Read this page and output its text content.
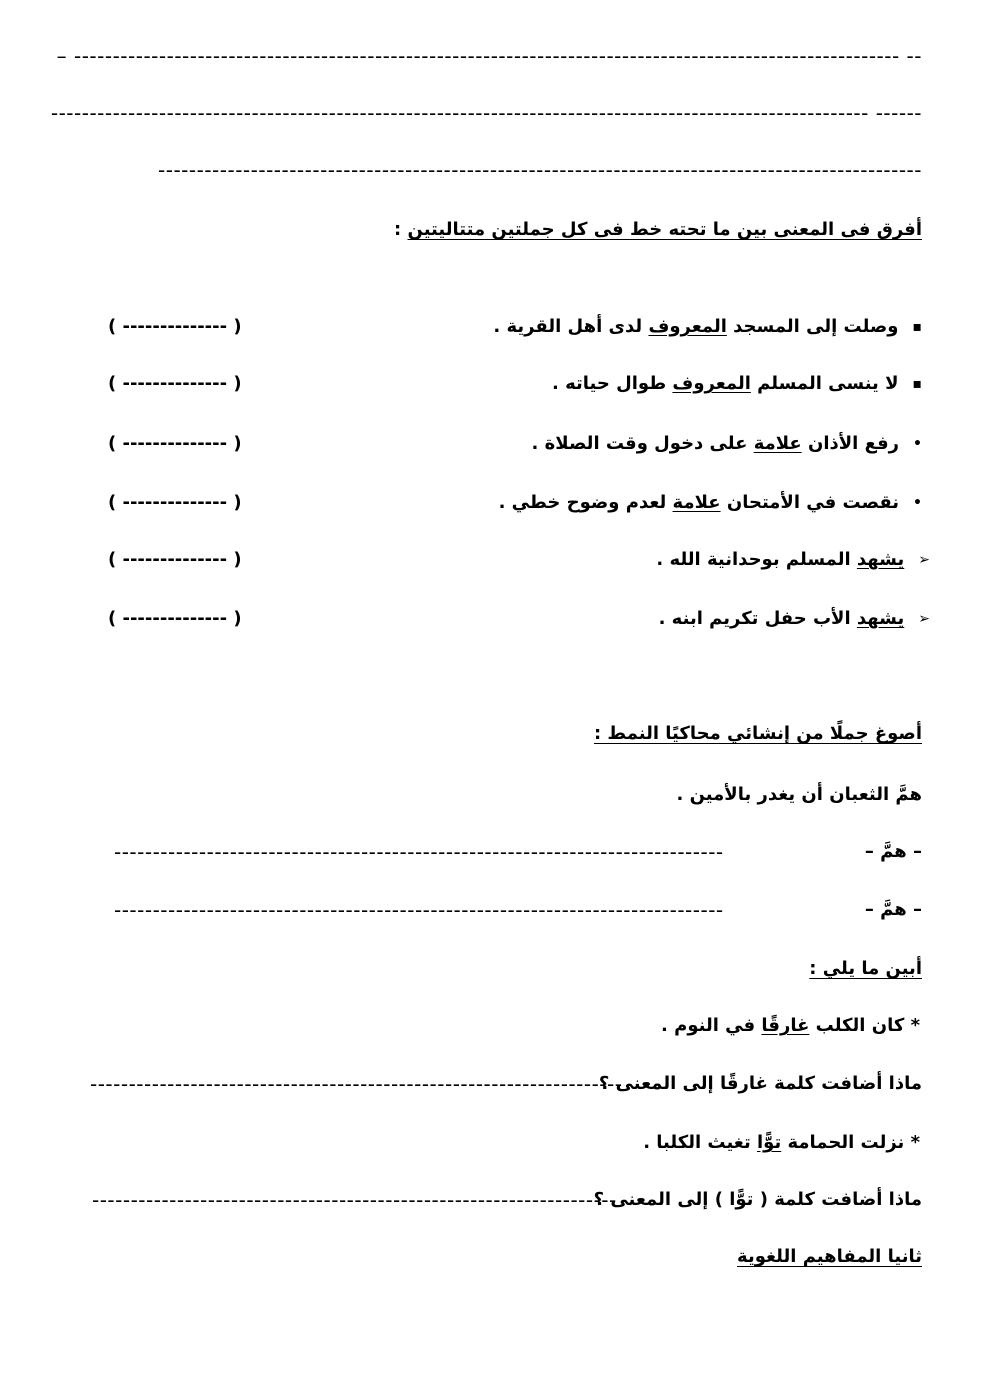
– ----------------------------------------------------------------------------------------------------------- --
---------------------------------------------------------------------------------------------------------- ------
---------------------------------------------------------------------------------------------------
أفرق فى المعنى بين ما تحته خط فى كل جملتين متتاليتين :
▪وصلت إلى المسجد المعروف لدى أهل القرية .
( -------------- )
▪لا ينسى المسلم المعروف طوال حياته .
( -------------- )
•رفع الأذان علامة على دخول وقت الصلاة .
( -------------- )
•نقصت في الأمتحان علامة لعدم وضوح خطي .
( -------------- )
➢يشهد المسلم بوحدانية الله .
( -------------- )
➢يشهد الأب حفل تكريم ابنه .
( -------------- )
أصوغ جملًا من إنشائي محاكيًا النمط :
همَّ الثعبان أن يغدر بالأمين .
– همَّ –
-------------------------------------------------------------------------------
– همَّ –
-------------------------------------------------------------------------------
أبين ما يلي :
* كان الكلب غارقًا في النوم .
ماذا أضافت كلمة غارقًا إلى المعنى ؟
---------------------------------------------------------------------
* نزلت الحمامة توًّا تغيث الكلبا .
ماذا أضافت كلمة ( توًّا ) إلى المعنى ؟
--------------------------------------------------------------------
ثانيا المفاهيم اللغوية
